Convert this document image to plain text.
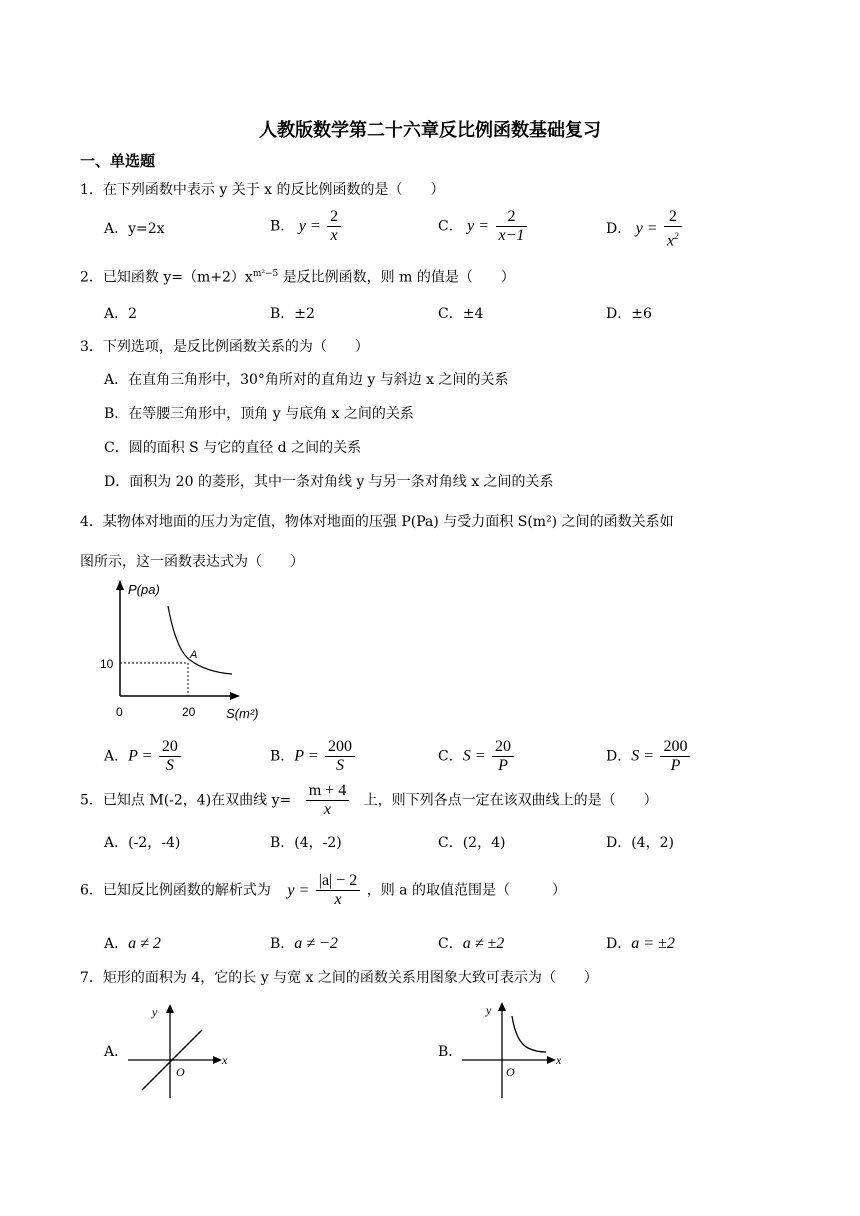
人教版数学第二十六章反比例函数基础复习
一、单选题
1．在下列函数中表示 y 关于 x 的反比例函数的是（　　）
A．y=2x	B． $y = \frac{2}{x}$	C． $y = \frac{2}{x-1}$	D． $y = \frac{2}{x^2}$
2．已知函数 $y=(m+2)x^{m^2-5}$ 是反比例函数，则 m 的值是（　　）
A．2	B．±2	C．±4	D．±6
3．下列选项，是反比例函数关系的为（　　）
A．在直角三角形中，30°角所对的直角边 y 与斜边 x 之间的关系
B．在等腰三角形中，顶角 y 与底角 x 之间的关系
C．圆的面积 S 与它的直径 d 之间的关系
D．面积为 20 的菱形，其中一条对角线 y 与另一条对角线 x 之间的关系
4．某物体对地面的压力为定值，物体对地面的压强 P(Pa) 与受力面积 S(m²) 之间的函数关系如
图所示，这一函数表达式为（　　）
P(pa)
S(m²)
0
10
20
A
A．$P = \frac{20}{S}$	B．$P = \frac{200}{S}$	C．$S = \frac{20}{P}$	D．$S = \frac{200}{P}$
5．已知点 M(-2，4)在双曲线 $y= \frac{m + 4}{x}$ 上，则下列各点一定在该双曲线上的是（　　）
A．(-2，-4)	B．(4，-2)	C．(2，4)	D．(4，2)
6．已知反比例函数的解析式为 $y = \frac{|a| - 2}{x}$ ，则 a 的取值范围是（　　　）
A．a ≠ 2	B．a ≠ −2	C．a ≠ ±2	D．a = ±2
7．矩形的面积为 4，它的长 y 与宽 x 之间的函数关系用图象大致可表示为（　　）
A．
y
x
O
B．
y
x
O
